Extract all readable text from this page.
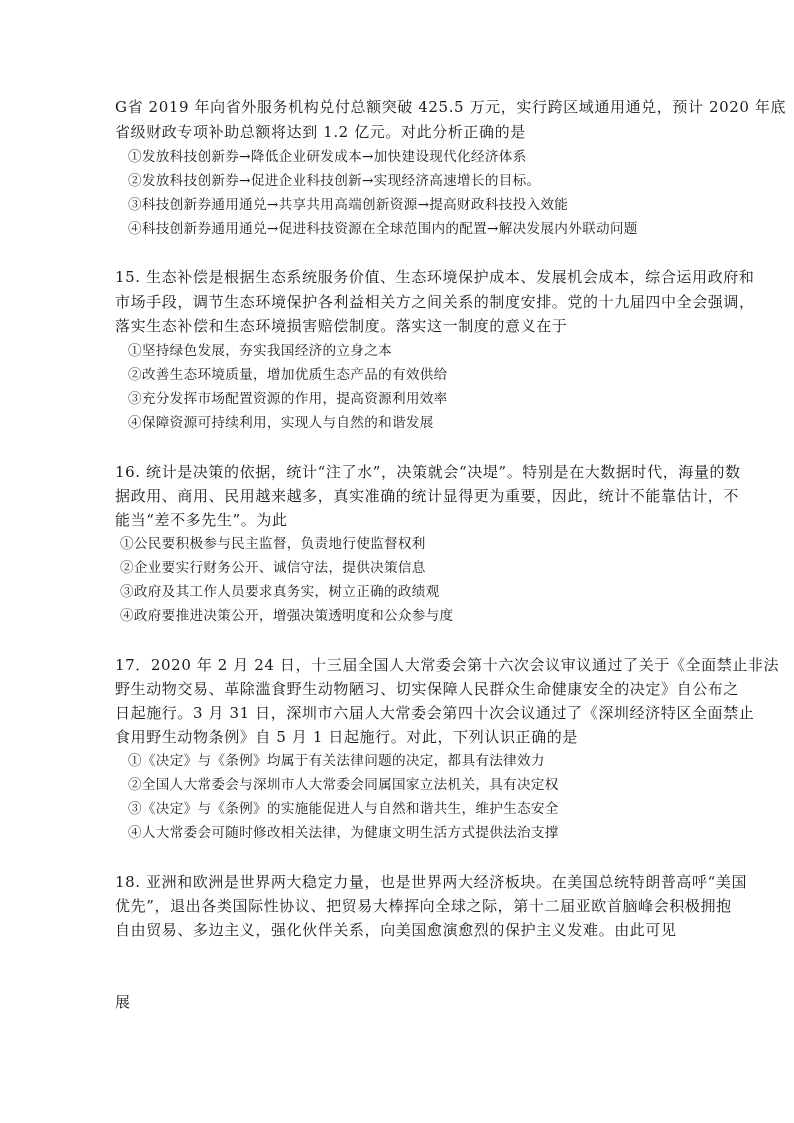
G省 2019 年向省外服务机构兑付总额突破 425.5 万元，实行跨区域通用通兑，预计 2020 年底
省级财政专项补助总额将达到 1.2 亿元。对此分析正确的是
①发放科技创新券→降低企业研发成本→加快建设现代化经济体系
②发放科技创新券→促进企业科技创新→实现经济高速增长的目标。
③科技创新券通用通兑→共享共用高端创新资源→提高财政科技投入效能
④科技创新券通用通兑→促进科技资源在全球范围内的配置→解决发展内外联动问题
15. 生态补偿是根据生态系统服务价值、生态环境保护成本、发展机会成本，综合运用政府和
市场手段，调节生态环境保护各利益相关方之间关系的制度安排。党的十九届四中全会强调，
落实生态补偿和生态环境损害赔偿制度。落实这一制度的意义在于
①坚持绿色发展，夯实我国经济的立身之本
②改善生态环境质量，增加优质生态产品的有效供给
③充分发挥市场配置资源的作用，提高资源利用效率
④保障资源可持续利用，实现人与自然的和谐发展
16. 统计是决策的依据，统计“注了水”，决策就会“决堤”。特别是在大数据时代，海量的数
据政用、商用、民用越来越多，真实准确的统计显得更为重要，因此，统计不能靠估计，不
能当“差不多先生”。为此
①公民要积极参与民主监督，负责地行使监督权利
②企业要实行财务公开、诚信守法，提供决策信息
③政府及其工作人员要求真务实，树立正确的政绩观
④政府要推进决策公开，增强决策透明度和公众参与度
17．2020 年 2 月 24 日，十三届全国人大常委会第十六次会议审议通过了关于《全面禁止非法
野生动物交易、革除滥食野生动物陋习、切实保障人民群众生命健康安全的决定》自公布之
日起施行。3 月 31 日，深圳市六届人大常委会第四十次会议通过了《深圳经济特区全面禁止
食用野生动物条例》自 5 月 1 日起施行。对此，下列认识正确的是
①《决定》与《条例》均属于有关法律问题的决定，都具有法律效力
②全国人大常委会与深圳市人大常委会同属国家立法机关，具有决定权
③《决定》与《条例》的实施能促进人与自然和谐共生，维护生态安全
④人大常委会可随时修改相关法律，为健康文明生活方式提供法治支撑
18. 亚洲和欧洲是世界两大稳定力量，也是世界两大经济板块。在美国总统特朗普高呼“美国
优先”，退出各类国际性协议、把贸易大棒挥向全球之际，第十二届亚欧首脑峰会积极拥抱
自由贸易、多边主义，强化伙伴关系，向美国愈演愈烈的保护主义发难。由此可见
展
